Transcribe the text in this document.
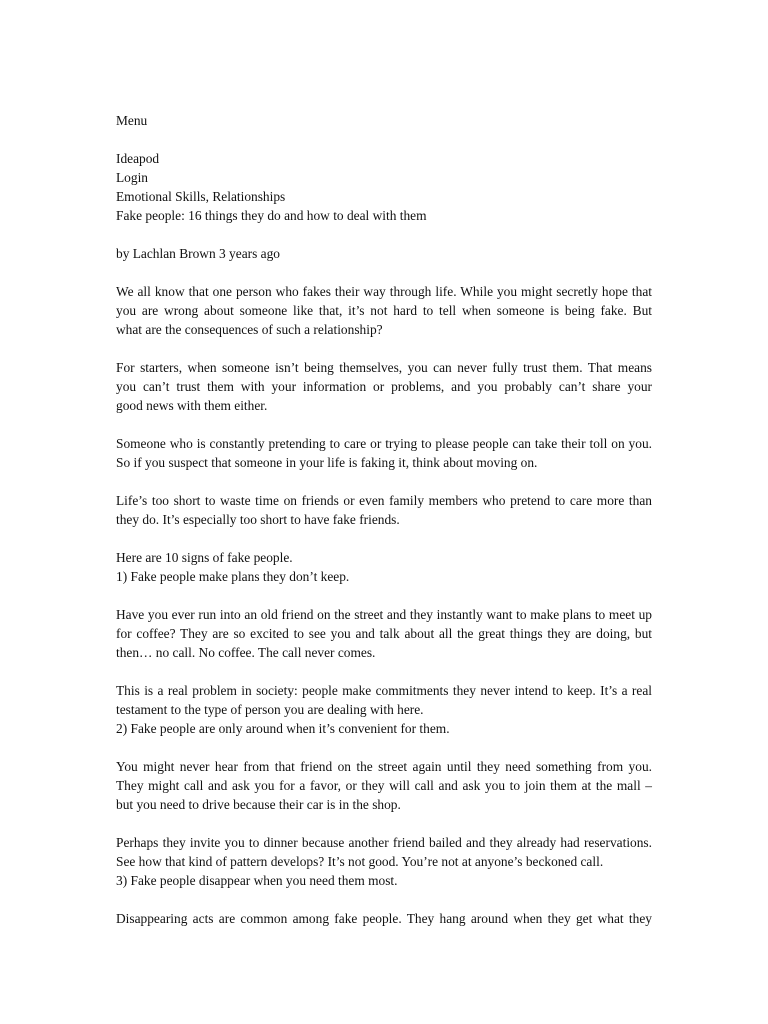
Menu
Ideapod
Login
Emotional Skills, Relationships
Fake people: 16 things they do and how to deal with them
by Lachlan Brown 3 years ago
We all know that one person who fakes their way through life. While you might secretly hope that
you are wrong about someone like that, it’s not hard to tell when someone is being fake. But
what are the consequences of such a relationship?
For starters, when someone isn’t being themselves, you can never fully trust them. That means
you can’t trust them with your information or problems, and you probably can’t share your
good news with them either.
Someone who is constantly pretending to care or trying to please people can take their toll on you.
So if you suspect that someone in your life is faking it, think about moving on.
Life’s too short to waste time on friends or even family members who pretend to care more than
they do. It’s especially too short to have fake friends.
Here are 10 signs of fake people.
1) Fake people make plans they don’t keep.
Have you ever run into an old friend on the street and they instantly want to make plans to meet up
for coffee? They are so excited to see you and talk about all the great things they are doing, but
then… no call. No coffee. The call never comes.
This is a real problem in society: people make commitments they never intend to keep. It’s a real
testament to the type of person you are dealing with here.
2) Fake people are only around when it’s convenient for them.
You might never hear from that friend on the street again until they need something from you.
They might call and ask you for a favor, or they will call and ask you to join them at the mall –
but you need to drive because their car is in the shop.
Perhaps they invite you to dinner because another friend bailed and they already had reservations.
See how that kind of pattern develops? It’s not good. You’re not at anyone’s beckoned call.
3) Fake people disappear when you need them most.
Disappearing acts are common among fake people. They hang around when they get what they
